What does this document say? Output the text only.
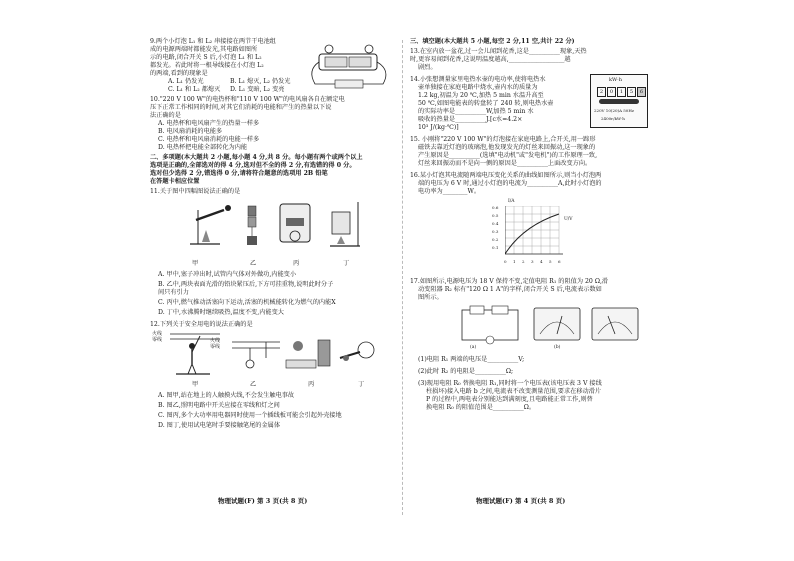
9.两个小灯泡 L₁ 和 L₂ 串接接在两节干电池组
成的电源两端时都能发光,其电路如图所
示的电路,闭合开关 S 后,小灯泡 L₁ 和 L₂
都发光。若此时将一根导线接在小灯泡 L₂
的两端,看到的现象是
A. L₁ 仍发光	B. L₁ 熄灭, L₂ 仍发光
C. L₁ 和 L₂ 都熄灭 D. L₁ 变暗, L₂ 变亮
10."220 V 100 W"的电热杯和"110 V 100 W"的电风扇各自在额定电
压下正常工作相同的时间,对其它们消耗的电能和产生的热量以下说
法正确的是
A. 电热杯和电风扇产生的热量一样多
B. 电风扇消耗的电能多
C. 电热杯和电风扇消耗的电能一样多
D. 电热杯把电能全部转化为内能
二、多项题(本大题共 2 小题,每小题 4 分,共 8 分。每小题有两个或两个以上
选项是正确的,全部选对的得 4 分,选对但不全的得 2 分,有选错的得 0 分。
选对但少选得 2 分,错选得 0 分,请将符合题意的选项用 2B 铅笔
在答题卡相应位置
11.关于图中四幅图说法正确的是
甲	乙	丙	丁
A. 甲中,塞子冲出时,试管内气体对外做功,内能变小
B. 乙中,两块表面光滑的铅块紧压后,下方可挂重物,说明此时分子
间只有引力
C. 丙中,燃气推动活塞向下运动,活塞的机械能转化为燃气的内能X
D. 丁中,水沸腾时继续吸热,温度不变,内能变大
12.下列关于安全用电的说法正确的是
火线
零线	火线
零线
甲	乙	丙	丁
A. 图甲,站在地上的人触摸火线,不会发生触电事故
B. 图乙,照明电路中开关应接在零线和灯之间
C. 图丙,多个大功率用电器同时使用一个插线板可能会引起外壳接地
D. 图丁,使用试电笔时手要接触笔尾的金属体
物理试题(F) 第 3 页(共 8 页)
三、填空题(本大题共 5 小题,每空 2 分,11 空,共计 22 分)
13.在室内放一盆花,过一会儿闻到花香,这是__________现象,天热
时,更容易闻到花香,这说明温度越高,__________________越
剧烈。
14.小张想测量家里电热水壶的电功率,使将电热水
壶单独接在家庭电路中烧水,壶内水的质量为
1.2 kg,初温为 20 ℃,加热 5 min 水温升高至
50 ℃,如图电能表的转盘转了 240 转,则电热水壶
的实际功率是__________W,加热 5 min 水
吸收的热量是__________J.[c水=4.2×
10³ J/(kg·℃)]
kW·h
2	0	1	5	6
220V 10(20)A 50Hz
2400r/kW·h
15. 小刚将"220 V 100 W"的灯泡接在家庭电路上,合开关,用一蹄形
磁铁去靠近灯泡的玻璃泡,他发现发光的灯丝来回振动,这一现象的
产生原因是__________(选填"电动机"或"发电机")的工作原理一致,
灯丝来回振动而不是向一侧的原因是__________上面改变方向。
16.某小灯泡其电流随两端电压变化关系的曲线如图所示,则当小灯泡两
端的电压为 6 V 时,通过小灯泡的电流为__________A,此时小灯泡的
电功率为________W。
I/A
U/V
0.6
0.5
0.4
0.3
0.2
0.1
0 1 2 3 4 5 6
17.如图所示,电源电压为 18 V 保持不变,定值电阻 R₁ 的阻值为 20 Ω,滑
动变阻器 R₂ 标有"120 Ω 1 A"的字样,闭合开关 S 后,电流表示数如
图所示。
(a)	(b)
(1)电阻 R₁ 两端的电压是__________V;
(2)此时 R₂ 的电阻是__________Ω;
(3)现用电阻 R₀ 替换电阻 R₁,同时将一个电压表(该电压表 3 V 接线
柱损坏)接入电路 b 之间,电流表不改变测量范围,要求在移动滑片
P 的过程中,两电表分别能达到满刻度,且电路能正常工作,则替
换电阻 R₀ 的阻值范围是__________Ω。
物理试题(F) 第 4 页(共 8 页)
